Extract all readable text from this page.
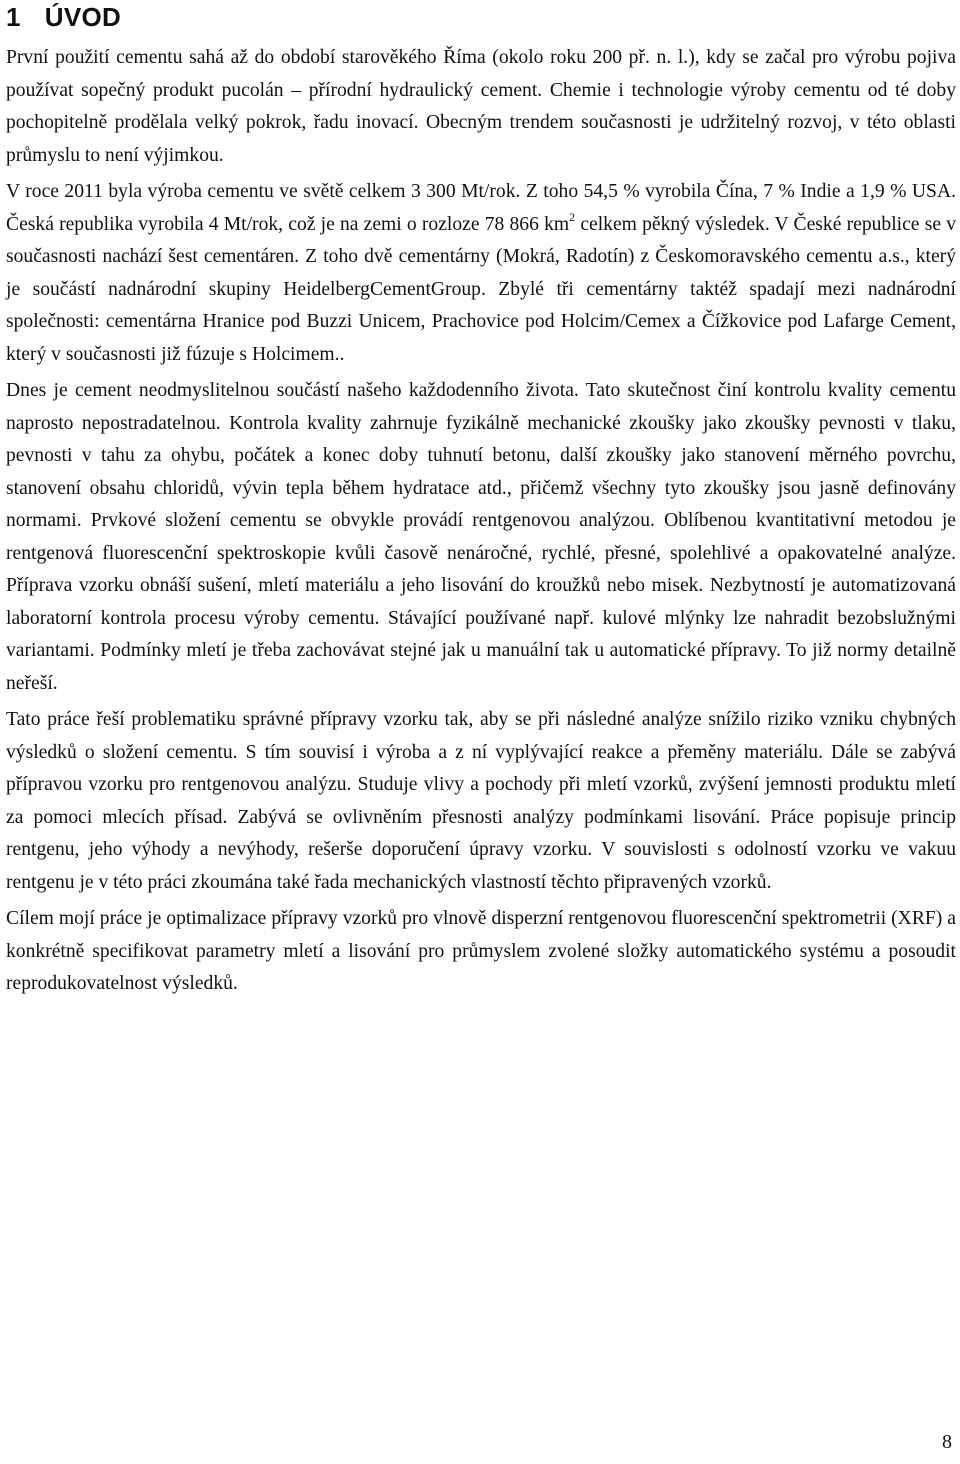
1 ÚVOD

První použití cementu sahá až do období starověkého Říma (okolo roku 200 př. n. l.), kdy se začal pro výrobu pojiva používat sopečný produkt pucolán – přírodní hydraulický cement. Chemie i technologie výroby cementu od té doby pochopitelně prodělala velký pokrok, řadu inovací. Obecným trendem současnosti je udržitelný rozvoj, v této oblasti průmyslu to není výjimkou.

V roce 2011 byla výroba cementu ve světě celkem 3 300 Mt/rok. Z toho 54,5 % vyrobila Čína, 7 % Indie a 1,9 % USA. Česká republika vyrobila 4 Mt/rok, což je na zemi o rozloze 78 866 $km^2$ celkem pěkný výsledek. V České republice se v současnosti nachází šest cementáren. Z toho dvě cementárny (Mokrá, Radotín) z Českomoravského cementu a.s., který je součástí nadnárodní skupiny HeidelbergCementGroup. Zbylé tři cementárny taktéž spadají mezi nadnárodní společnosti: cementárna Hranice pod Buzzi Unicem, Prachovice pod Holcim/Cemex a Čížkovice pod Lafarge Cement, který v současnosti již fúzuje s Holcimem..

Dnes je cement neodmyslitelnou součástí našeho každodenního života. Tato skutečnost činí kontrolu kvality cementu naprosto nepostradatelnou. Kontrola kvality zahrnuje fyzikálně mechanické zkoušky jako zkoušky pevnosti v tlaku, pevnosti v tahu za ohybu, počátek a konec doby tuhnutí betonu, další zkoušky jako stanovení měrného povrchu, stanovení obsahu chloridů, vývin tepla během hydratace atd., přičemž všechny tyto zkoušky jsou jasně definovány normami. Prvkové složení cementu se obvykle provádí rentgenovou analýzou. Oblíbenou kvantitativní metodou je rentgenová fluorescenční spektroskopie kvůli časově nenáročné, rychlé, přesné, spolehlivé a opakovatelné analýze. Příprava vzorku obnáší sušení, mletí materiálu a jeho lisování do kroužků nebo misek. Nezbytností je automatizovaná laboratorní kontrola procesu výroby cementu. Stávající používané např. kulové mlýnky lze nahradit bezobslužnými variantami. Podmínky mletí je třeba zachovávat stejné jak u manuální tak u automatické přípravy. To již normy detailně neřeší.

Tato práce řeší problematiku správné přípravy vzorku tak, aby se při následné analýze snížilo riziko vzniku chybných výsledků o složení cementu. S tím souvisí i výroba a z ní vyplývající reakce a přeměny materiálu. Dále se zabývá přípravou vzorku pro rentgenovou analýzu. Studuje vlivy a pochody při mletí vzorků, zvýšení jemnosti produktu mletí za pomoci mlecích přísad. Zabývá se ovlivněním přesnosti analýzy podmínkami lisování. Práce popisuje princip rentgenu, jeho výhody a nevýhody, rešerše doporučení úpravy vzorku. V souvislosti s odolností vzorku ve vakuu rentgenu je v této práci zkoumána také řada mechanických vlastností těchto připravených vzorků.

Cílem mojí práce je optimalizace přípravy vzorků pro vlnově disperzní rentgenovou fluorescenční spektrometrii (XRF) a konkrétně specifikovat parametry mletí a lisování pro průmyslem zvolené složky automatického systému a posoudit reprodukovatelnost výsledků.

8
